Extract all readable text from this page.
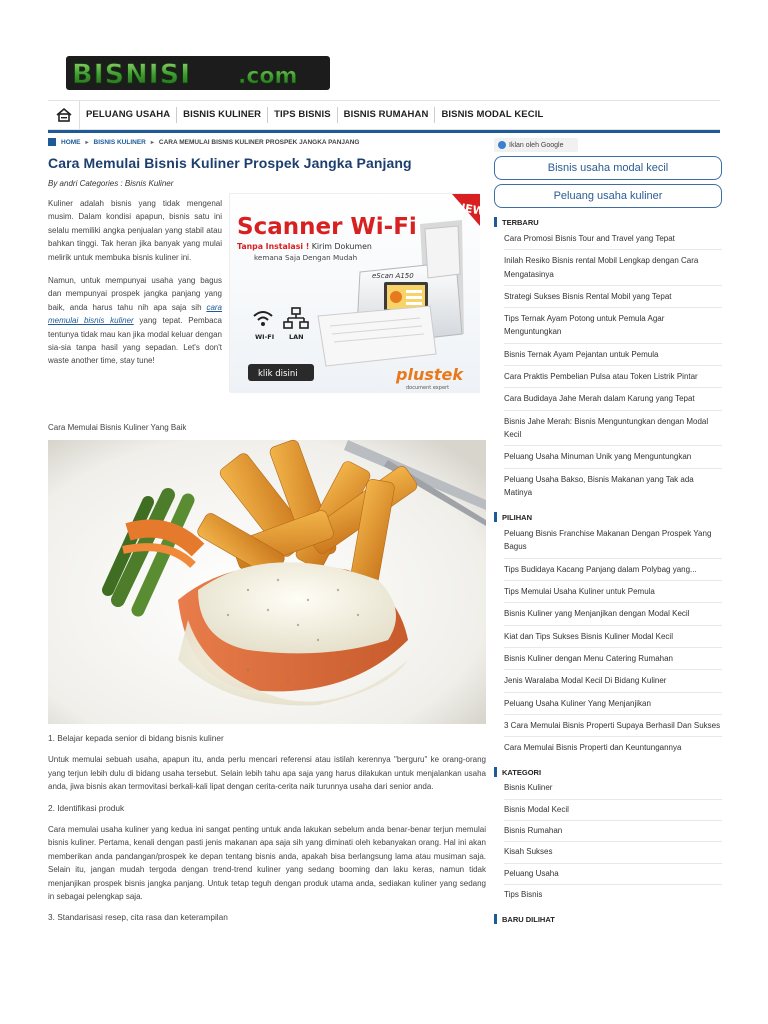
BISNISI .com
PELUANG USAHA	BISNIS KULINER	TIPS BISNIS	BISNIS RUMAHAN	BISNIS MODAL KECIL
HOME ▸ BISNIS KULINER ▸ CARA MEMULAI BISNIS KULINER PROSPEK JANGKA PANJANG
Cara Memulai Bisnis Kuliner Prospek Jangka Panjang
By andri Categories : Bisnis Kuliner

Kuliner adalah bisnis yang tidak mengenal musim. Dalam kondisi apapun, bisnis satu ini selalu memiliki angka penjualan yang stabil atau bahkan tinggi. Tak heran jika banyak yang mulai melirik untuk membuka bisnis kuliner ini.

Namun, untuk mempunyai usaha yang bagus dan mempunyai prospek jangka panjang yang baik, anda harus tahu nih apa saja sih cara memulai bisnis kuliner yang tepat. Pembaca tentunya tidak mau kan jika modal keluar dengan sia-sia tanpa hasil yang sepadan. Let's don't waste another time, stay tune!

NEW
Scanner Wi-Fi
Tanpa Instalasi ! Kirim Dokumen
kemana Saja Dengan Mudah
eScan A150
WI-FI LAN
klik disini	plustek
document expert
Cara Memulai Bisnis Kuliner Yang Baik
1. Belajar kepada senior di bidang bisnis kuliner

Untuk memulai sebuah usaha, apapun itu, anda perlu mencari referensi atau istilah kerennya "berguru" ke orang-orang yang terjun lebih dulu di bidang usaha tersebut. Selain lebih tahu apa saja yang harus dilakukan untuk menjalankan usaha anda, jiwa bisnis akan termovitasi berkali-kali lipat dengan cerita-cerita naik turunnya usaha dari senior anda.

2. Identifikasi produk

Cara memulai usaha kuliner yang kedua ini sangat penting untuk anda lakukan sebelum anda benar-benar terjun memulai bisnis kuliner. Pertama, kenali dengan pasti jenis makanan apa saja sih yang diminati oleh kebanyakan orang. Hal ini akan memberikan anda pandangan/prospek ke depan tentang bisnis anda, apakah bisa berlangsung lama atau musiman saja. Selain itu, jangan mudah tergoda dengan trend-trend kuliner yang sedang booming dan laku keras, namun tidak menjanjikan prospek bisnis jangka panjang. Untuk tetap teguh dengan produk utama anda, sediakan kuliner yang sedang in sebagai pelengkap saja.

3. Standarisasi resep, cita rasa dan keterampilan
Iklan oleh Google
Bisnis usaha modal kecil
Peluang usaha kuliner
TERBARU
Cara Promosi Bisnis Tour and Travel yang Tepat
Inilah Resiko Bisnis rental Mobil Lengkap dengan Cara Mengatasinya
Strategi Sukses Bisnis Rental Mobil yang Tepat
Tips Ternak Ayam Potong untuk Pemula Agar Menguntungkan
Bisnis Ternak Ayam Pejantan untuk Pemula
Cara Praktis Pembelian Pulsa atau Token Listrik Pintar
Cara Budidaya Jahe Merah dalam Karung yang Tepat
Bisnis Jahe Merah: Bisnis Menguntungkan dengan Modal Kecil
Peluang Usaha Minuman Unik yang Menguntungkan
Peluang Usaha Bakso, Bisnis Makanan yang Tak ada Matinya
PILIHAN
Peluang Bisnis Franchise Makanan Dengan Prospek Yang Bagus
Tips Budidaya Kacang Panjang dalam Polybag yang...
Tips Memulai Usaha Kuliner untuk Pemula
Bisnis Kuliner yang Menjanjikan dengan Modal Kecil
Kiat dan Tips Sukses Bisnis Kuliner Modal Kecil
Bisnis Kuliner dengan Menu Catering Rumahan
Jenis Waralaba Modal Kecil Di Bidang Kuliner
Peluang Usaha Kuliner Yang Menjanjikan
3 Cara Memulai Bisnis Properti Supaya Berhasil Dan Sukses
Cara Memulai Bisnis Properti dan Keuntungannya
KATEGORI
Bisnis Kuliner
Bisnis Modal Kecil
Bisnis Rumahan
Kisah Sukses
Peluang Usaha
Tips Bisnis
BARU DILIHAT
